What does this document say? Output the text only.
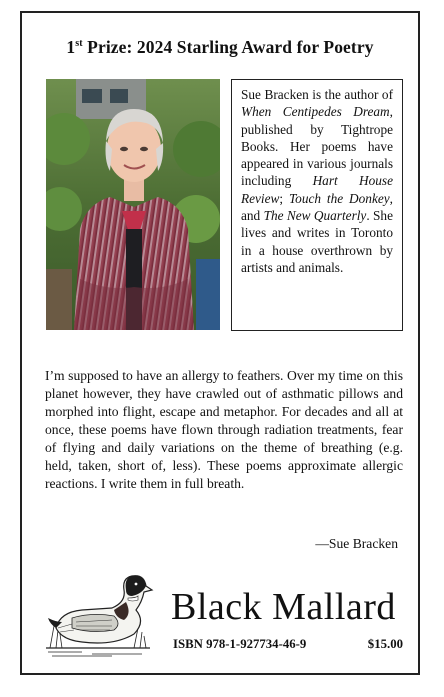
1st Prize: 2024 Starling Award for Poetry
Sue Bracken is the author of When Centipedes Dream, published by Tightrope Books. Her poems have appeared in various journals including Hart House Review; Touch the Donkey, and The New Quarterly. She lives and writes in Toronto in a house overthrown by artists and animals.
I’m supposed to have an allergy to feathers. Over my time on this planet however, they have crawled out of asthmatic pillows and morphed into flight, escape and metaphor. For decades and all at once, these poems have flown through radiation treatments, fear of flying and daily variations on the theme of breathing (e.g. held, taken, short of, less). These poems approximate allergic reactions. I write them in full breath.
—Sue Bracken
Black Mallard
ISBN 978-1-927734-46-9	$15.00
